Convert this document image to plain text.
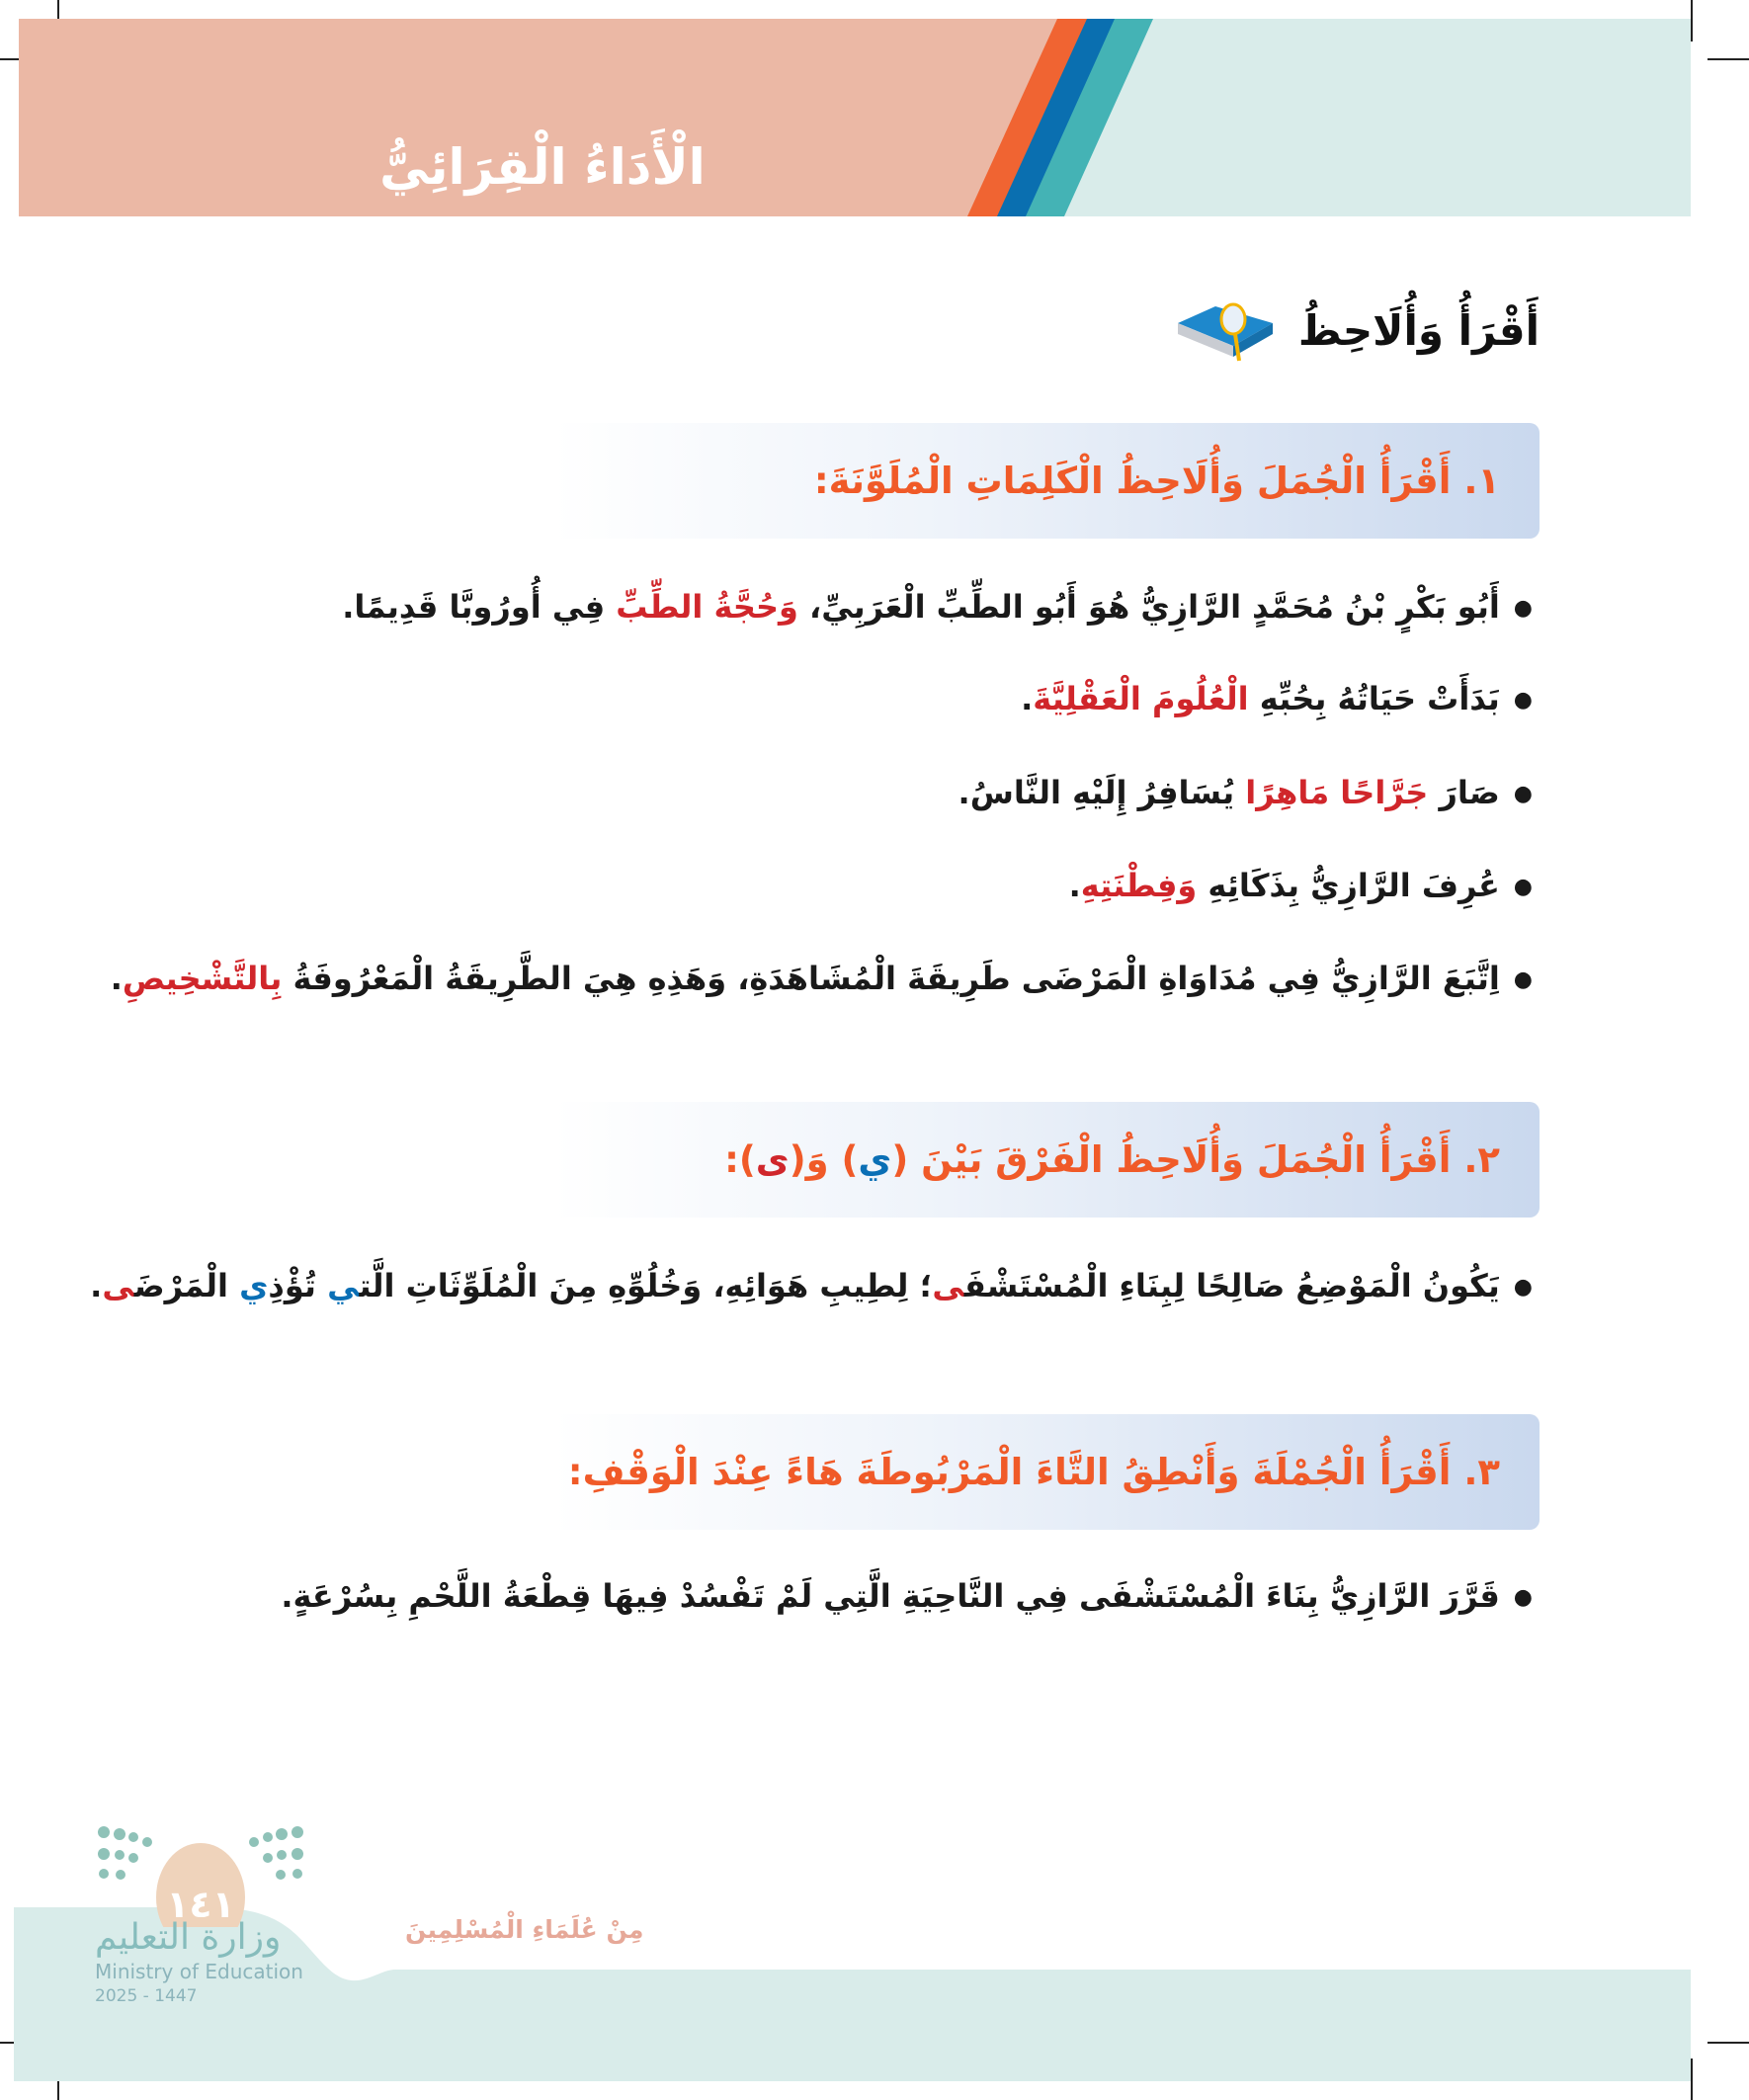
الْأَدَاءُ الْقِرَائِيُّ
أَقْرَأُ وَأُلَاحِظُ
١. أَقْرَأُ الْجُمَلَ وَأُلَاحِظُ الْكَلِمَاتِ الْمُلَوَّنَةَ:
● أَبُو بَكْرٍ بْنُ مُحَمَّدٍ الرَّازِيُّ هُوَ أَبُو الطِّبِّ الْعَرَبِيِّ، وَحُجَّةُ الطِّبِّ فِي أُورُوبَّا قَدِيمًا.
● بَدَأَتْ حَيَاتُهُ بِحُبِّهِ الْعُلُومَ الْعَقْلِيَّةَ.
● صَارَ جَرَّاحًا مَاهِرًا يُسَافِرُ إِلَيْهِ النَّاسُ.
● عُرِفَ الرَّازِيُّ بِذَكَائِهِ وَفِطْنَتِهِ.
● اِتَّبَعَ الرَّازِيُّ فِي مُدَاوَاةِ الْمَرْضَى طَرِيقَةَ الْمُشَاهَدَةِ، وَهَذِهِ هِيَ الطَّرِيقَةُ الْمَعْرُوفَةُ بِالتَّشْخِيصِ.
٢. أَقْرَأُ الْجُمَلَ وَأُلَاحِظُ الْفَرْقَ بَيْنَ (ي) وَ(ى):
● يَكُونُ الْمَوْضِعُ صَالِحًا لِبِنَاءِ الْمُسْتَشْفَى؛ لِطِيبِ هَوَائِهِ، وَخُلُوِّهِ مِنَ الْمُلَوِّثَاتِ الَّتي تُؤْذِي الْمَرْضَى.
٣. أَقْرَأُ الْجُمْلَةَ وَأَنْطِقُ التَّاءَ الْمَرْبُوطَةَ هَاءً عِنْدَ الْوَقْفِ:
● قَرَّرَ الرَّازِيُّ بِنَاءَ الْمُسْتَشْفَى فِي النَّاحِيَةِ الَّتِي لَمْ تَفْسُدْ فِيهَا قِطْعَةُ اللَّحْمِ بِسُرْعَةٍ.
مِنْ عُلَمَاءِ الْمُسْلِمِينَ
١٤١
وزارة التعليم
Ministry of Education
2025 - 1447
